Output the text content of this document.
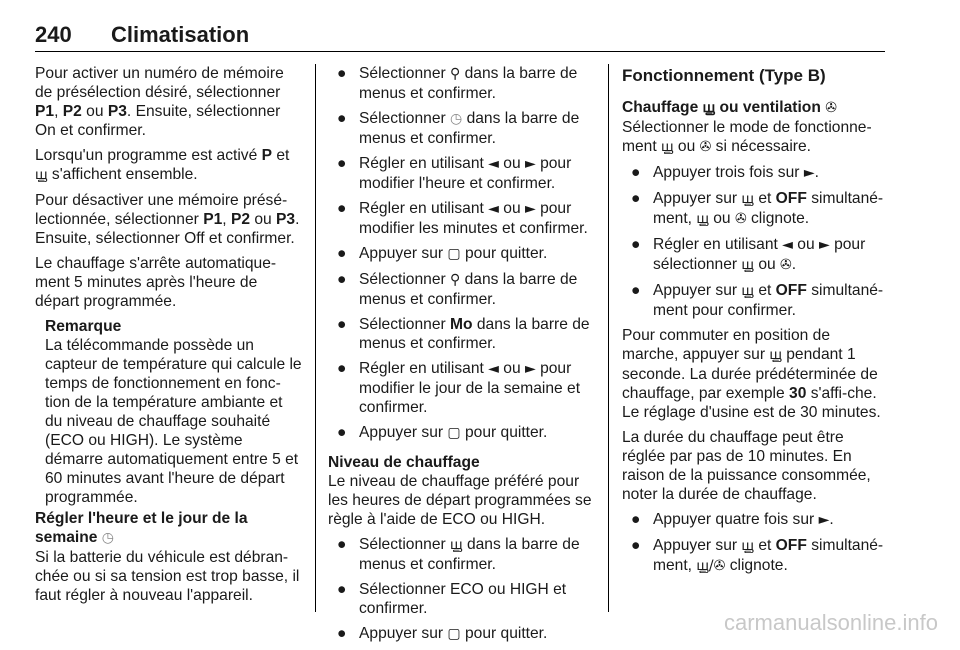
240 Climatisation

Pour activer un numéro de mémoire de présélection désiré, sélectionner P1, P2 ou P3. Ensuite, sélectionner On et confirmer.

Lorsqu'un programme est activé P et ꚗ s'affichent ensemble.

Pour désactiver une mémoire présé-lectionnée, sélectionner P1, P2 ou P3. Ensuite, sélectionner Off et confirmer.

Le chauffage s'arrête automatique-ment 5 minutes après l'heure de départ programmée.

Remarque

La télécommande possède un capteur de température qui calcule le temps de fonctionnement en fonc-tion de la température ambiante et du niveau de chauffage souhaité (ECO ou HIGH). Le système démarre automatiquement entre 5 et 60 minutes avant l'heure de départ programmée.

Régler l'heure et le jour de la semaine ◷

Si la batterie du véhicule est débran-chée ou si sa tension est trop basse, il faut régler à nouveau l'appareil.

● Sélectionner ⚲ dans la barre de menus et confirmer.
● Sélectionner ◷ dans la barre de menus et confirmer.
● Régler en utilisant ◄ ou ► pour modifier l'heure et confirmer.
● Régler en utilisant ◄ ou ► pour modifier les minutes et confirmer.
● Appuyer sur ▢ pour quitter.
● Sélectionner ⚲ dans la barre de menus et confirmer.
● Sélectionner Mo dans la barre de menus et confirmer.
● Régler en utilisant ◄ ou ► pour modifier le jour de la semaine et confirmer.
● Appuyer sur ▢ pour quitter.

Niveau de chauffage

Le niveau de chauffage préféré pour les heures de départ programmées se règle à l'aide de ECO ou HIGH.

● Sélectionner ꚗ dans la barre de menus et confirmer.
● Sélectionner ECO ou HIGH et confirmer.
● Appuyer sur ▢ pour quitter.
Fonctionnement (Type B)

Chauffage ꚗ ou ventilation ✇

Sélectionner le mode de fonctionne-ment ꚗ ou ✇ si nécessaire.

● Appuyer trois fois sur ►.
● Appuyer sur ꚗ et OFF simultané-ment, ꚗ ou ✇ clignote.
● Régler en utilisant ◄ ou ► pour sélectionner ꚗ ou ✇.
● Appuyer sur ꚗ et OFF simultané-ment pour confirmer.

Pour commuter en position de marche, appuyer sur ꚗ pendant 1 seconde. La durée prédéterminée de chauffage, par exemple 30 s'affi-che. Le réglage d'usine est de 30 minutes.

La durée du chauffage peut être réglée par pas de 10 minutes. En raison de la puissance consommée, noter la durée de chauffage.

● Appuyer quatre fois sur ►.
● Appuyer sur ꚗ et OFF simultané-ment, ꚗ/✇ clignote.
carmanualsonline.info
